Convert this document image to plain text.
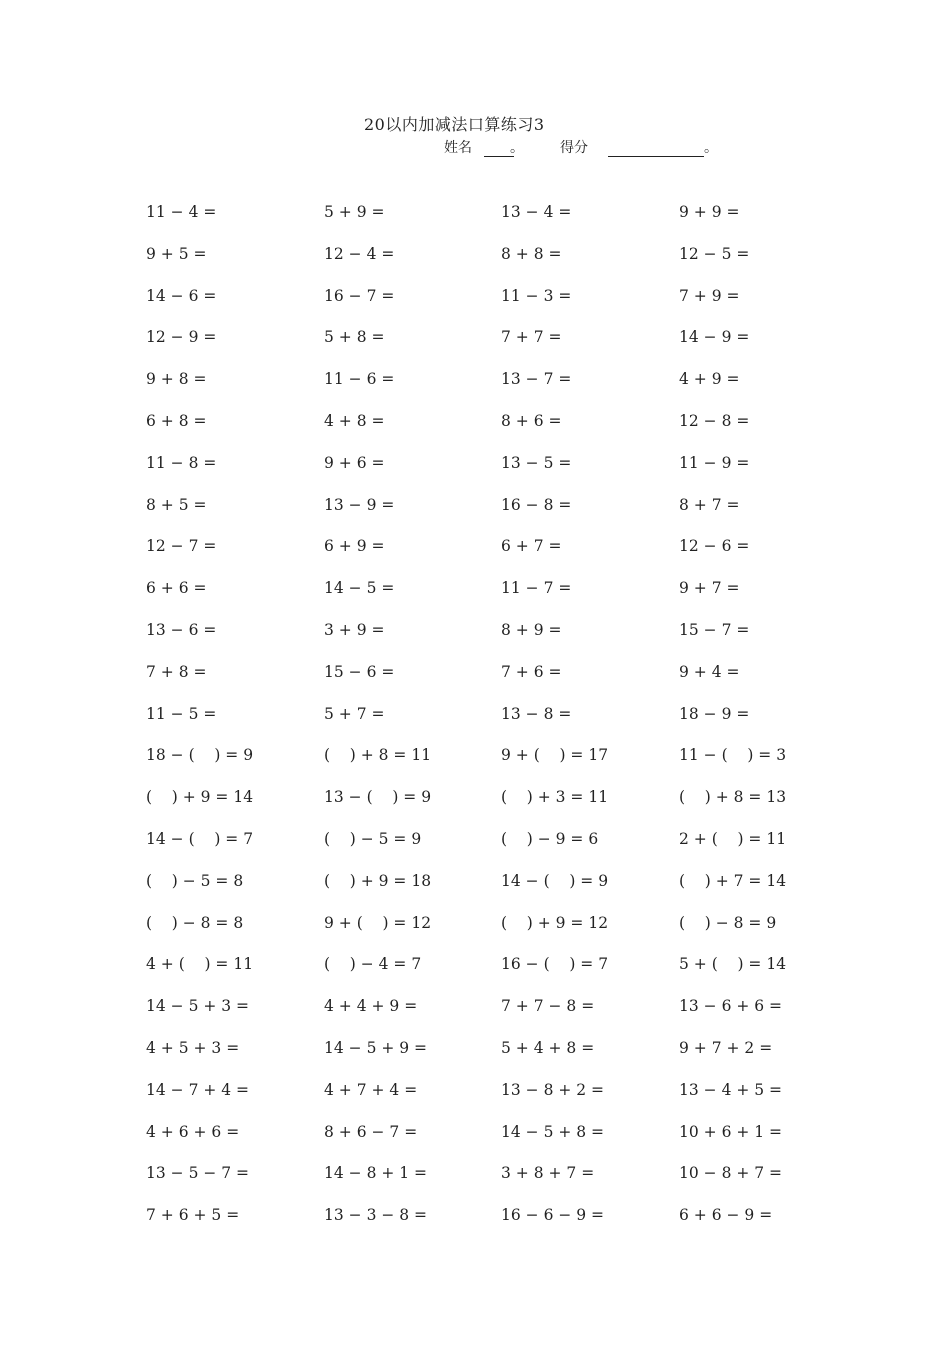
20以内加减法口算练习3
姓名	。	得分	。
11 − 4 =	5 + 9 =	13 − 4 =	9 + 9 =
9 + 5 =	12 − 4 =	8 + 8 =	12 − 5 =
14 − 6 =	16 − 7 =	11 − 3 =	7 + 9 =
12 − 9 =	5 + 8 =	7 + 7 =	14 − 9 =
9 + 8 =	11 − 6 =	13 − 7 =	4 + 9 =
6 + 8 =	4 + 8 =	8 + 6 =	12 − 8 =
11 − 8 =	9 + 6 =	13 − 5 =	11 − 9 =
8 + 5 =	13 − 9 =	16 − 8 =	8 + 7 =
12 − 7 =	6 + 9 =	6 + 7 =	12 − 6 =
6 + 6 =	14 − 5 =	11 − 7 =	9 + 7 =
13 − 6 =	3 + 9 =	8 + 9 =	15 − 7 =
7 + 8 =	15 − 6 =	7 + 6 =	9 + 4 =
11 − 5 =	5 + 7 =	13 − 8 =	18 − 9 =
18 − (    ) = 9	(    ) + 8 = 11	9 + (    ) = 17	11 − (    ) = 3
(    ) + 9 = 14	13 − (    ) = 9	(    ) + 3 = 11	(    ) + 8 = 13
14 − (    ) = 7	(    ) − 5 = 9	(    ) − 9 = 6	2 + (    ) = 11
(    ) − 5 = 8	(    ) + 9 = 18	14 − (    ) = 9	(    ) + 7 = 14
(    ) − 8 = 8	9 + (    ) = 12	(    ) + 9 = 12	(    ) − 8 = 9
4 + (    ) = 11	(    ) − 4 = 7	16 − (    ) = 7	5 + (    ) = 14
14 − 5 + 3 =	4 + 4 + 9 =	7 + 7 − 8 =	13 − 6 + 6 =
4 + 5 + 3 =	14 − 5 + 9 =	5 + 4 + 8 =	9 + 7 + 2 =
14 − 7 + 4 =	4 + 7 + 4 =	13 − 8 + 2 =	13 − 4 + 5 =
4 + 6 + 6 =	8 + 6 − 7 =	14 − 5 + 8 =	10 + 6 + 1 =
13 − 5 − 7 =	14 − 8 + 1 =	3 + 8 + 7 =	10 − 8 + 7 =
7 + 6 + 5 =	13 − 3 − 8 =	16 − 6 − 9 =	6 + 6 − 9 =
